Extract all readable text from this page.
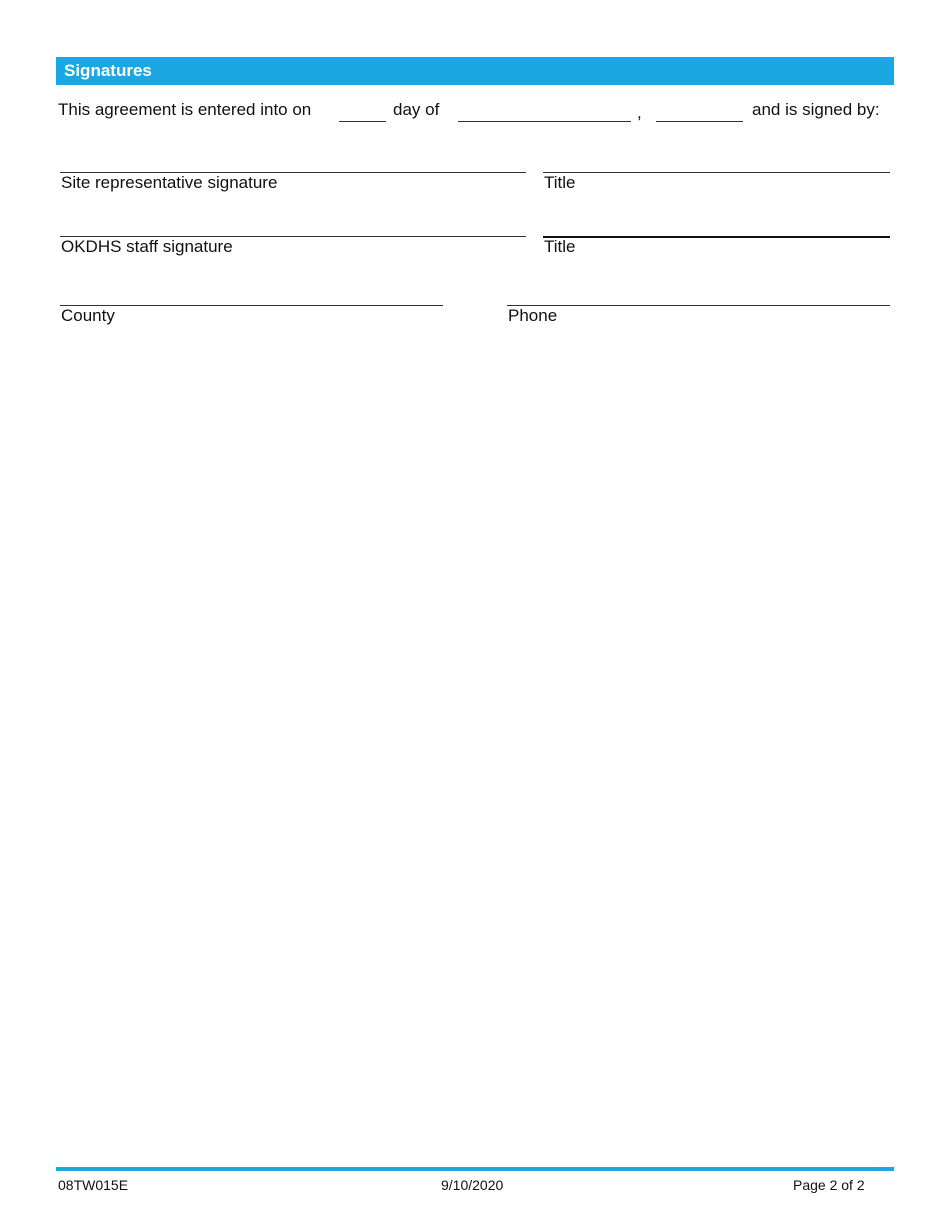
Signatures
This agreement is entered into on	day of	,	and is signed by:
Site representative signature	Title
OKDHS staff signature	Title
County	Phone
08TW015E	9/10/2020	Page 2 of 2
